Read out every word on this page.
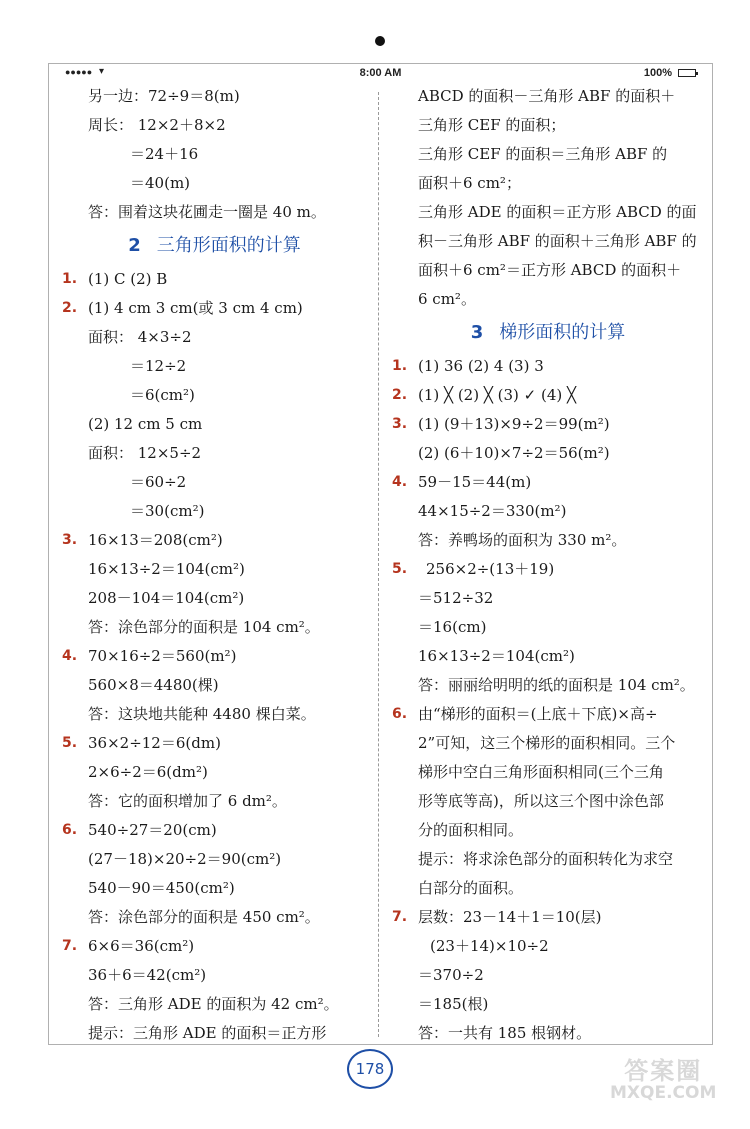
●●●●● ▾	8:00 AM	100%
另一边：72÷9＝8(m)
周长： 12×2＋8×2
＝24＋16
＝40(m)
答：围着这块花圃走一圈是 40 m。
2 三角形面积的计算
1. (1) C (2) B
2. (1) 4 cm 3 cm(或 3 cm 4 cm)
面积： 4×3÷2
＝12÷2
＝6(cm²)
(2) 12 cm 5 cm
面积： 12×5÷2
＝60÷2
＝30(cm²)
3. 16×13＝208(cm²)
16×13÷2＝104(cm²)
208－104＝104(cm²)
答：涂色部分的面积是 104 cm²。
4. 70×16÷2＝560(m²)
560×8＝4480(棵)
答：这块地共能种 4480 棵白菜。
5. 36×2÷12＝6(dm)
2×6÷2＝6(dm²)
答：它的面积增加了 6 dm²。
6. 540÷27＝20(cm)
(27－18)×20÷2＝90(cm²)
540－90＝450(cm²)
答：涂色部分的面积是 450 cm²。
7. 6×6＝36(cm²)
36＋6＝42(cm²)
答：三角形 ADE 的面积为 42 cm²。
提示：三角形 ADE 的面积＝正方形
ABCD 的面积－三角形 ABF 的面积＋
三角形 CEF 的面积；
三角形 CEF 的面积＝三角形 ABF 的
面积＋6 cm²；
三角形 ADE 的面积＝正方形 ABCD 的面
积－三角形 ABF 的面积＋三角形 ABF 的
面积＋6 cm²＝正方形 ABCD 的面积＋
6 cm²。
3 梯形面积的计算
1. (1) 36 (2) 4 (3) 3
2. (1) ╳ (2) ╳ (3) ✓ (4) ╳
3. (1) (9＋13)×9÷2＝99(m²)
(2) (6＋10)×7÷2＝56(m²)
4. 59－15＝44(m)
44×15÷2＝330(m²)
答：养鸭场的面积为 330 m²。
5. 256×2÷(13＋19)
＝512÷32
＝16(cm)
16×13÷2＝104(cm²)
答：丽丽给明明的纸的面积是 104 cm²。
6. 由“梯形的面积＝(上底＋下底)×高÷
2”可知，这三个梯形的面积相同。三个
梯形中空白三角形面积相同(三个三角
形等底等高)，所以这三个图中涂色部
分的面积相同。
提示：将求涂色部分的面积转化为求空
白部分的面积。
7. 层数：23－14＋1＝10(层)
(23＋14)×10÷2
＝370÷2
＝185(根)
答：一共有 185 根钢材。
178	答案圈
MXQE.COM
